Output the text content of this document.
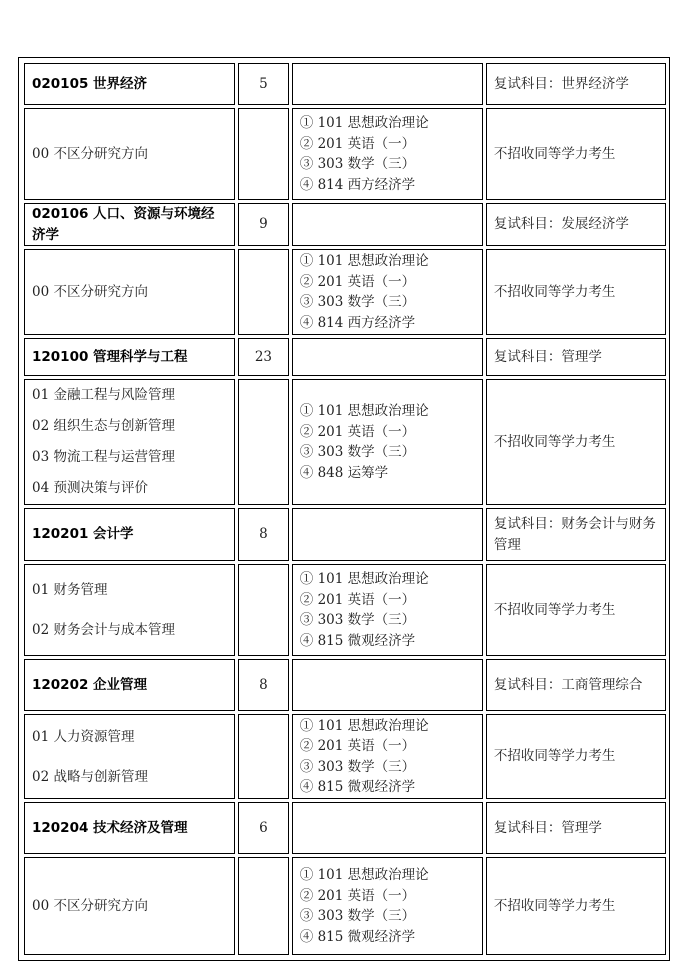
020105 世界经济	5		复试科目：世界经济学

00 不区分研究方向		① 101 思想政治理论
② 201 英语（一）
③ 303 数学（三）
④ 814 西方经济学	不招收同等学力考生
020106 人口、资源与环境经济学	9		复试科目：发展经济学

00 不区分研究方向		① 101 思想政治理论
② 201 英语（一）
③ 303 数学（三）
④ 814 西方经济学	不招收同等学力考生
120100 管理科学与工程	23		复试科目：管理学

01 金融工程与风险管理
02 组织生态与创新管理
03 物流工程与运营管理
04 预测决策与评价		① 101 思想政治理论
② 201 英语（一）
③ 303 数学（三）
④ 848 运筹学	不招收同等学力考生
120201 会计学	8		复试科目：财务会计与财务管理

01 财务管理
02 财务会计与成本管理		① 101 思想政治理论
② 201 英语（一）
③ 303 数学（三）
④ 815 微观经济学	不招收同等学力考生
120202 企业管理	8		复试科目：工商管理综合

01 人力资源管理
02 战略与创新管理		① 101 思想政治理论
② 201 英语（一）
③ 303 数学（三）
④ 815 微观经济学	不招收同等学力考生
120204 技术经济及管理	6		复试科目：管理学

00 不区分研究方向		① 101 思想政治理论
② 201 英语（一）
③ 303 数学（三）
④ 815 微观经济学	不招收同等学力考生
